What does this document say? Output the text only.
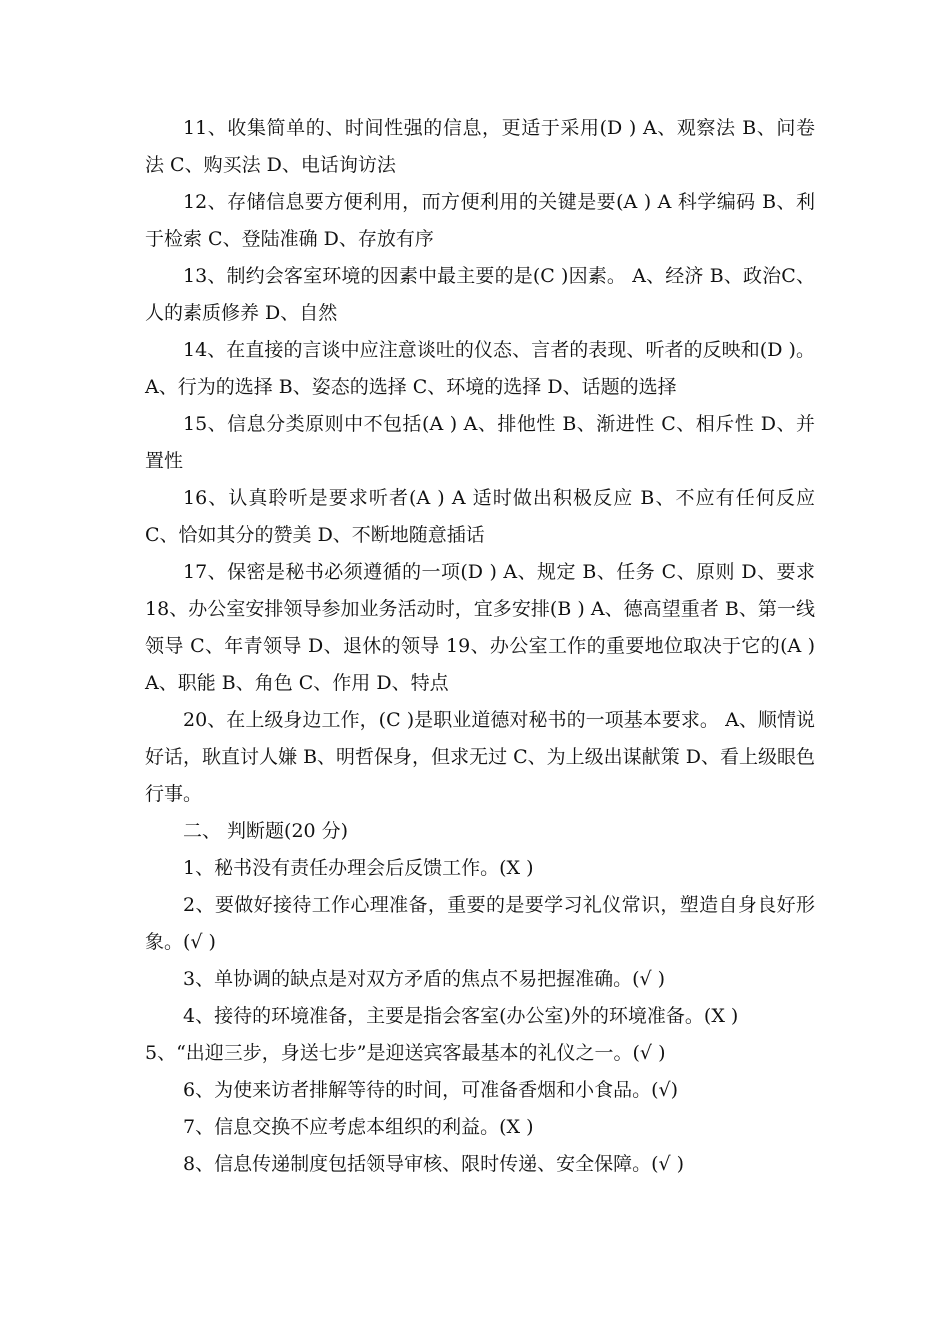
11、收集简单的、时间性强的信息，更适于采用(D ) A、观察法 B、问卷法 C、购买法 D、电话询访法

12、存储信息要方便利用，而方便利用的关键是要(A ) A 科学编码 B、利于检索 C、登陆准确 D、存放有序

13、制约会客室环境的因素中最主要的是(C )因素。 A、经济 B、政治C、人的素质修养 D、自然

14、在直接的言谈中应注意谈吐的仪态、言者的表现、听者的反映和(D )。 A、行为的选择 B、姿态的选择 C、环境的选择 D、话题的选择

15、信息分类原则中不包括(A ) A、排他性 B、渐进性 C、相斥性 D、并置性

16、认真聆听是要求听者(A ) A 适时做出积极反应 B、不应有任何反应 C、恰如其分的赞美 D、不断地随意插话

17、保密是秘书必须遵循的一项(D ) A、规定 B、任务 C、原则 D、要求 18、办公室安排领导参加业务活动时，宜多安排(B ) A、德高望重者 B、第一线领导 C、年青领导 D、退休的领导 19、办公室工作的重要地位取决于它的(A ) A、职能 B、角色 C、作用 D、特点

20、在上级身边工作，(C )是职业道德对秘书的一项基本要求。 A、顺情说好话，耿直讨人嫌 B、明哲保身，但求无过 C、为上级出谋献策 D、看上级眼色行事。

二、 判断题(20 分)

1、秘书没有责任办理会后反馈工作。(X )

2、要做好接待工作心理准备，重要的是要学习礼仪常识，塑造自身良好形象。(√ )

3、单协调的缺点是对双方矛盾的焦点不易把握准确。(√ )

4、接待的环境准备，主要是指会客室(办公室)外的环境准备。(X )

5、“出迎三步，身送七步”是迎送宾客最基本的礼仪之一。(√ )

6、为使来访者排解等待的时间，可准备香烟和小食品。(√)

7、信息交换不应考虑本组织的利益。(X )

8、信息传递制度包括领导审核、限时传递、安全保障。(√ )
